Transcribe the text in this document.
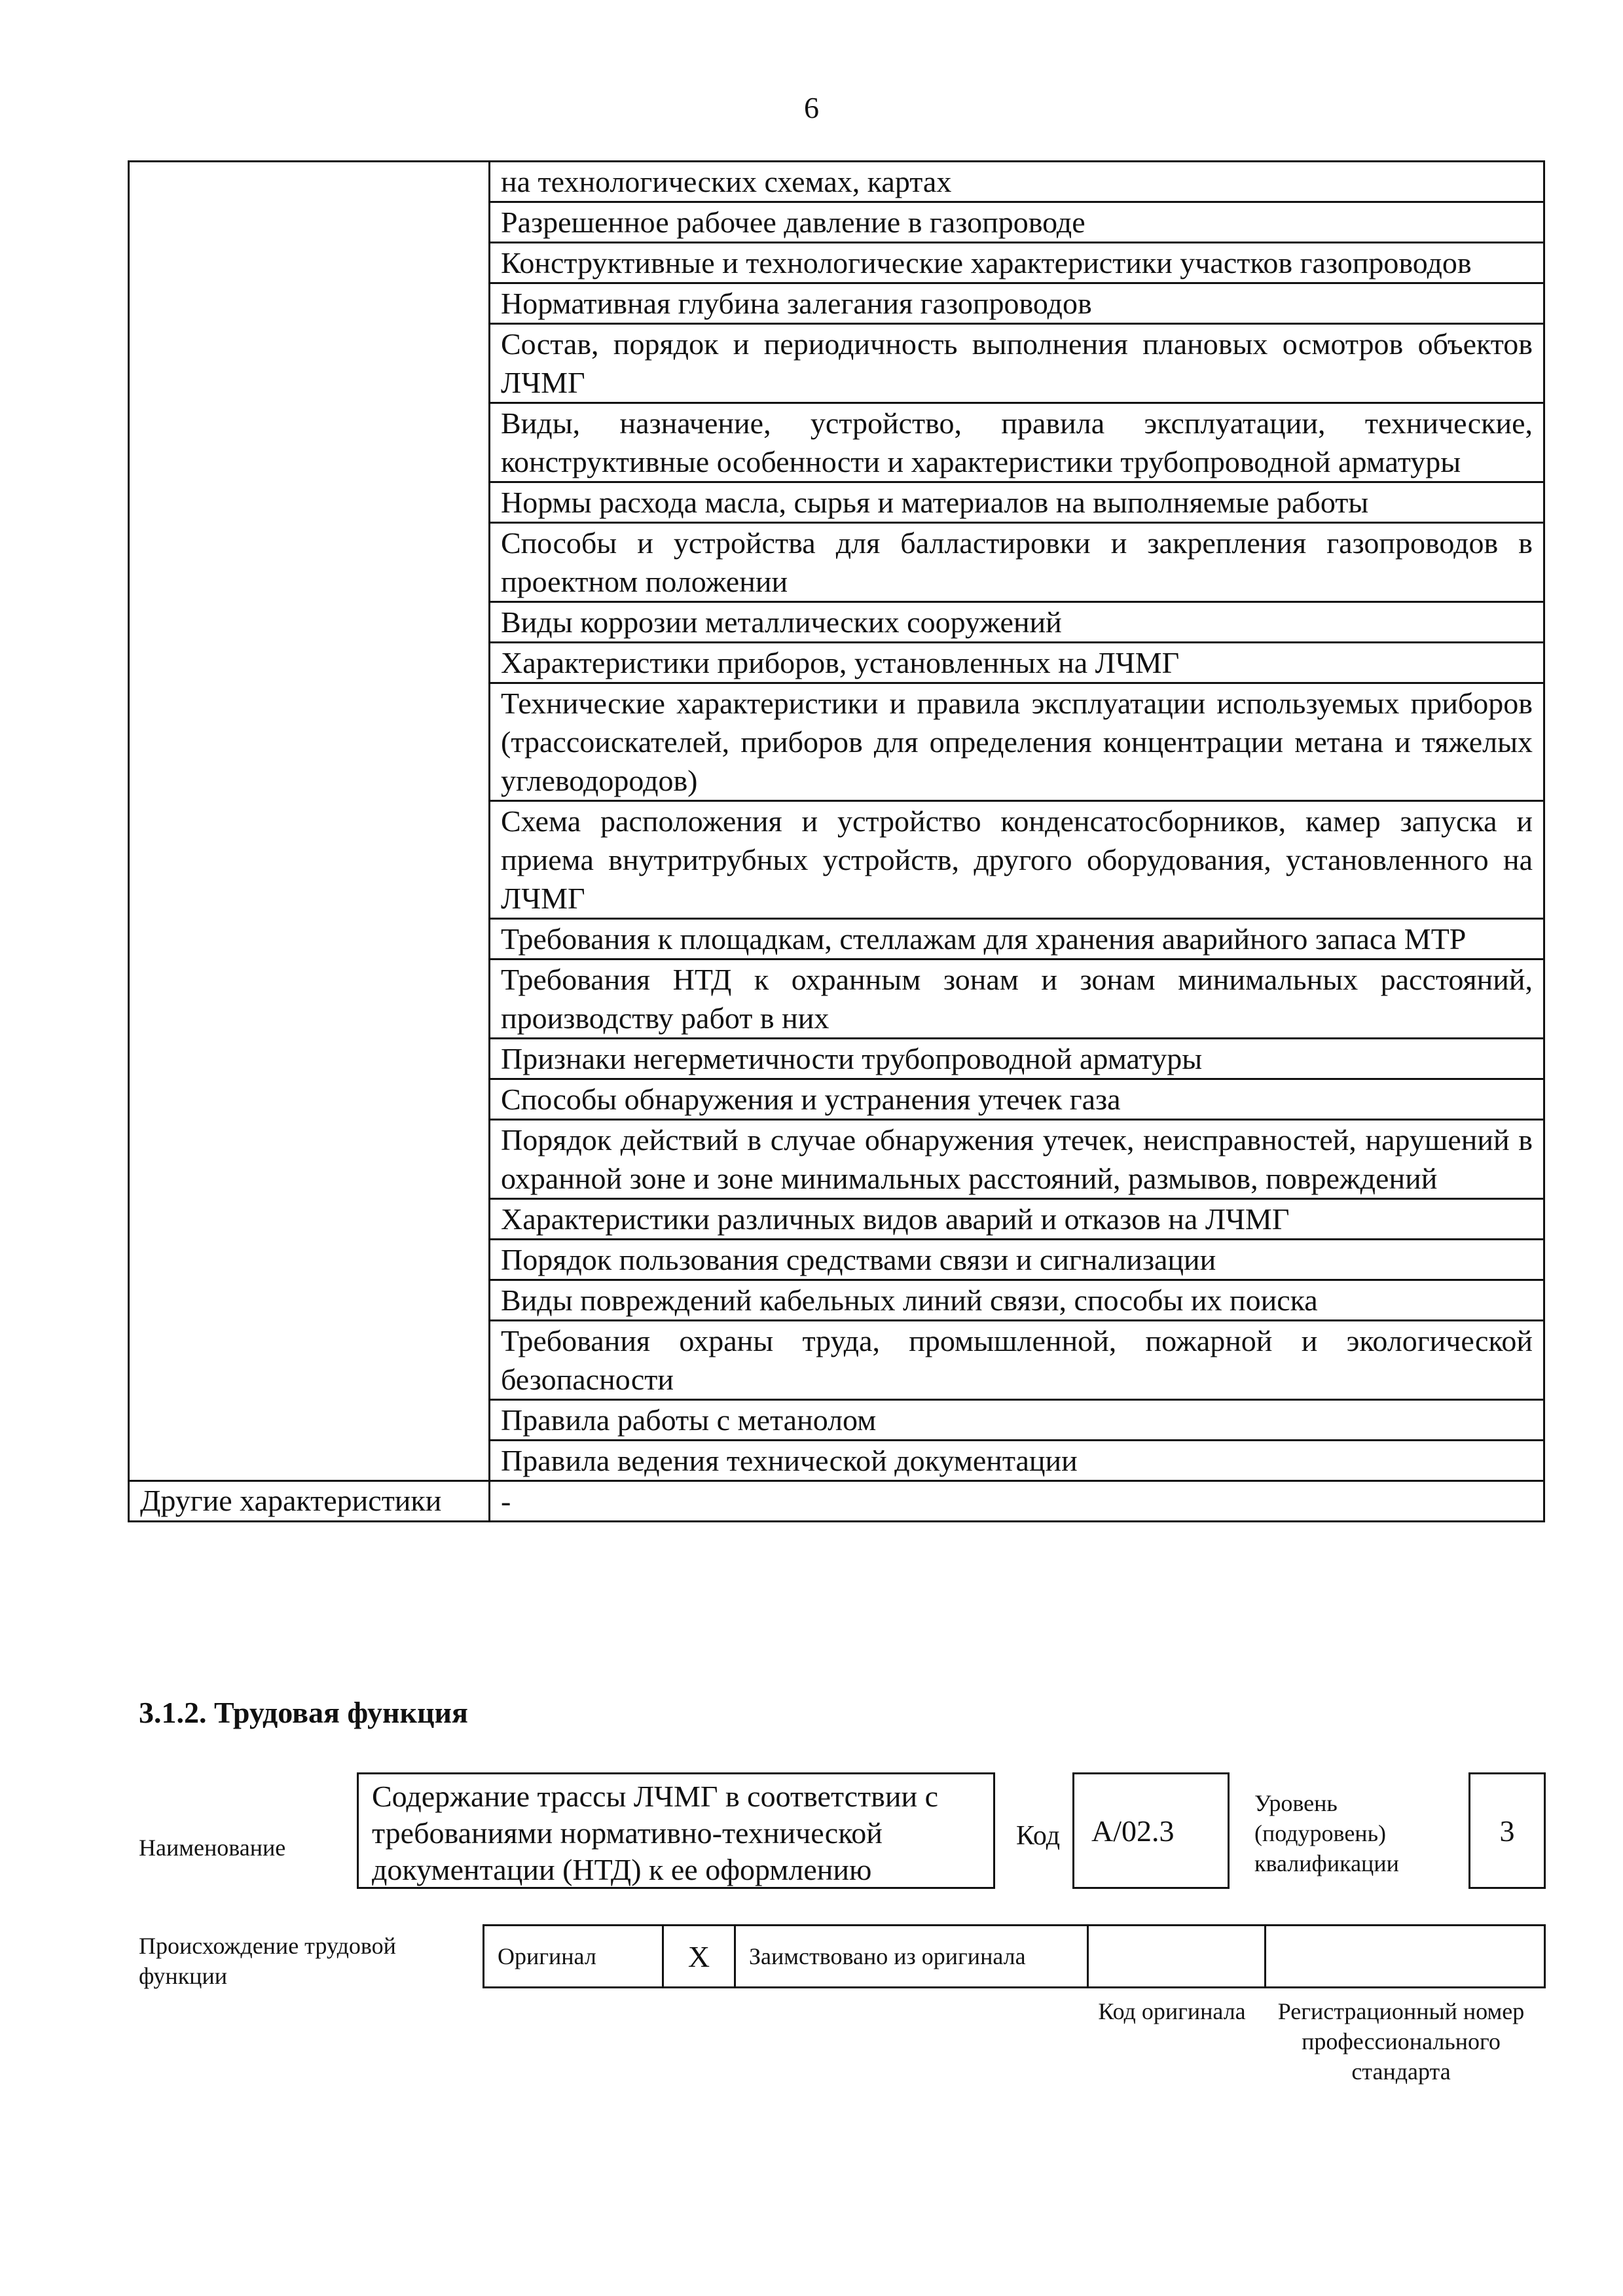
6
	на технологических схемах, картах
	Разрешенное рабочее давление в газопроводе
	Конструктивные и технологические характеристики участков газопроводов
	Нормативная глубина залегания газопроводов
	Состав, порядок и периодичность выполнения плановых осмотров объектов ЛЧМГ
	Виды, назначение, устройство, правила эксплуатации, технические, конструктивные особенности и характеристики трубопроводной арматуры
	Нормы расхода масла, сырья и материалов на выполняемые работы
	Способы и устройства для балластировки и закрепления газопроводов в проектном положении
	Виды коррозии металлических сооружений
	Характеристики приборов, установленных на ЛЧМГ
	Технические характеристики и правила эксплуатации используемых приборов (трассоискателей, приборов для определения концентрации метана и тяжелых углеводородов)
	Схема расположения и устройство конденсатосборников, камер запуска и приема внутритрубных устройств, другого оборудования, установленного на ЛЧМГ
	Требования к площадкам, стеллажам для хранения аварийного запаса МТР
	Требования НТД к охранным зонам и зонам минимальных расстояний, производству работ в них
	Признаки негерметичности трубопроводной арматуры
	Способы обнаружения и устранения утечек газа
	Порядок действий в случае обнаружения утечек, неисправностей, нарушений в охранной зоне и зоне минимальных расстояний, размывов, повреждений
	Характеристики различных видов аварий и отказов на ЛЧМГ
	Порядок пользования средствами связи и сигнализации
	Виды повреждений кабельных линий связи, способы их поиска
	Требования охраны труда, промышленной, пожарной и экологической безопасности
	Правила работы с метанолом
	Правила ведения технической документации
Другие характеристики	-
3.1.2. Трудовая функция
Наименование
Содержание трассы ЛЧМГ в соответствии с требованиями нормативно-технической документации (НТД) к ее оформлению
Код	А/02.3
Уровень (подуровень) квалификации
3
Происхождение трудовой функции
Оригинал	X	Заимствовано из оригинала		
Код оригинала	Регистрационный номер профессионального стандарта
